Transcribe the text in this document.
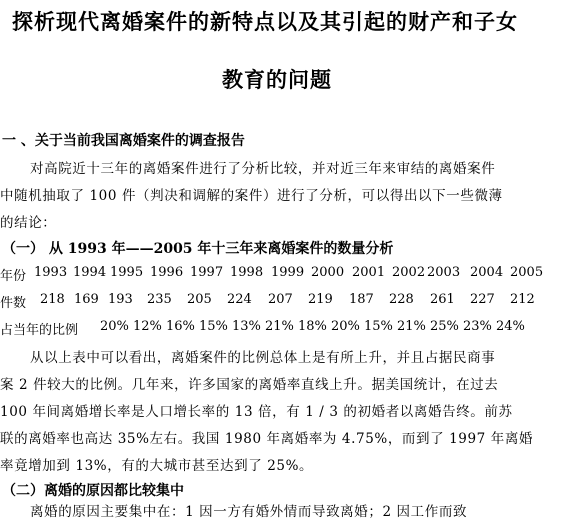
探析现代离婚案件的新特点以及其引起的财产和子女
教育的问题
一 、关于当前我国离婚案件的调查报告
对高院近十三年的离婚案件进行了分析比较，并对近三年来审结的离婚案件
中随机抽取了 100 件（判决和调解的案件）进行了分析，可以得出以下一些微薄
的结论：
（一） 从 1993 年——2005 年十三年来离婚案件的数量分析
年份 1993 1994 1995 1996 1997 1998 1999 2000 2001 2002 2003 2004 2005
件数 218 169 193 235 205 224 207 219 187 228 261 227 212
占当年的比例 20% 12% 16% 15% 13% 21% 18% 20% 15% 21% 25% 23% 24%
从以上表中可以看出，离婚案件的比例总体上是有所上升，并且占据民商事
案 2 件较大的比例。几年来，许多国家的离婚率直线上升。据美国统计，在过去
100 年间离婚增长率是人口增长率的 13 倍，有 1 / 3 的初婚者以离婚告终。前苏
联的离婚率也高达 35%左右。我国 1980 年离婚率为 4.75%，而到了 1997 年离婚
率竟增加到 13%，有的大城市甚至达到了 25%。
（二）离婚的原因都比较集中
离婚的原因主要集中在：1 因一方有婚外情而导致离婚；2 因工作而致
